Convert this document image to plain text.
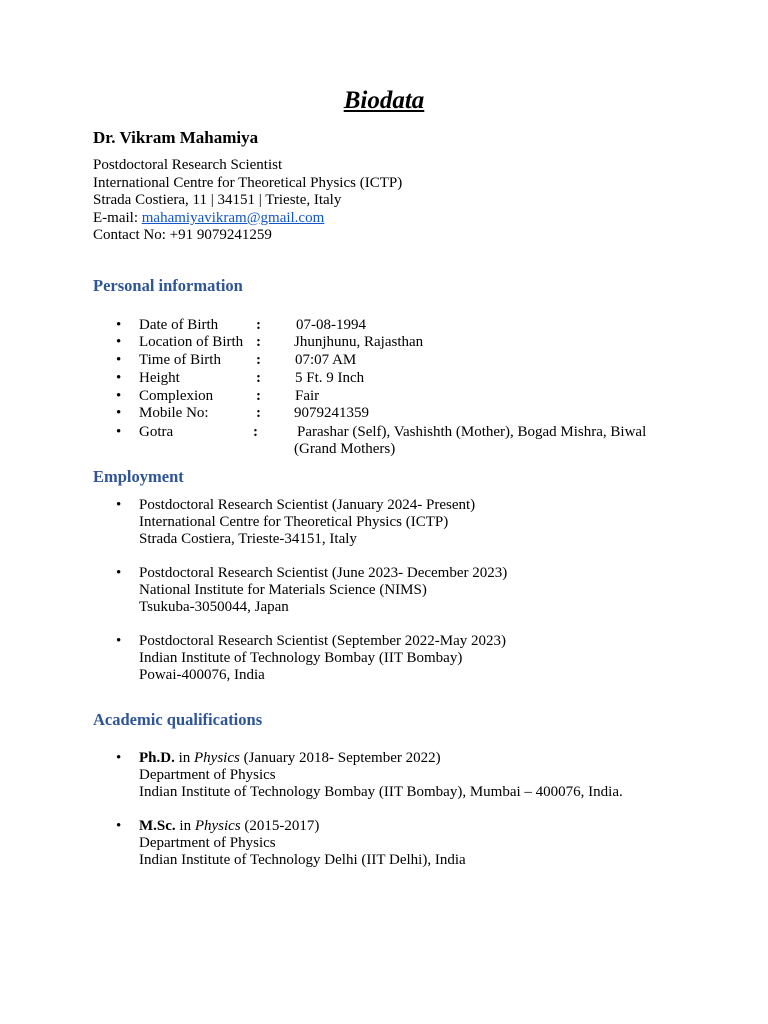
Biodata
Dr. Vikram Mahamiya
Postdoctoral Research Scientist
International Centre for Theoretical Physics (ICTP)
Strada Costiera, 11 | 34151 | Trieste, Italy
E-mail: mahamiyavikram@gmail.com
Contact No: +91 9079241259
Personal information
• Date of Birth	: 07-08-1994
• Location of Birth : Jhunjhunu, Rajasthan
• Time of Birth : 07:07 AM
• Height	: 5 Ft. 9 Inch
• Complexion	: Fair
• Mobile No:	: 9079241359
• Gotra	:	Parashar (Self), Vashishth (Mother), Bogad Mishra, Biwal
(Grand Mothers)
Employment
• Postdoctoral Research Scientist (January 2024- Present)
International Centre for Theoretical Physics (ICTP)
Strada Costiera, Trieste-34151, Italy
• Postdoctoral Research Scientist (June 2023- December 2023)
National Institute for Materials Science (NIMS)
Tsukuba-3050044, Japan
• Postdoctoral Research Scientist (September 2022-May 2023)
Indian Institute of Technology Bombay (IIT Bombay)
Powai-400076, India
Academic qualifications
• Ph.D. in Physics (January 2018- September 2022)
Department of Physics
Indian Institute of Technology Bombay (IIT Bombay), Mumbai – 400076, India.
• M.Sc. in Physics (2015-2017)
Department of Physics
Indian Institute of Technology Delhi (IIT Delhi), India
